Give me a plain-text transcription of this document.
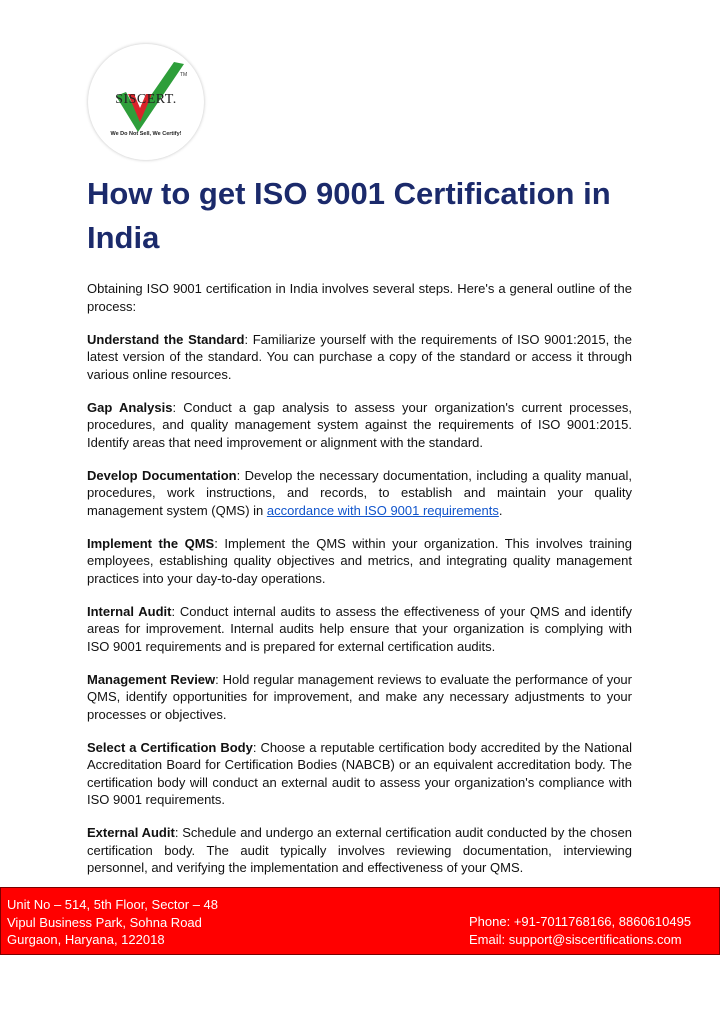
SISCERT.
TM
We Do Not Sell, We Certify!
How to get ISO 9001 Certification in India

Obtaining ISO 9001 certification in India involves several steps. Here's a general outline of the process:

Understand the Standard: Familiarize yourself with the requirements of ISO 9001:2015, the latest version of the standard. You can purchase a copy of the standard or access it through various online resources.

Gap Analysis: Conduct a gap analysis to assess your organization's current processes, procedures, and quality management system against the requirements of ISO 9001:2015. Identify areas that need improvement or alignment with the standard.

Develop Documentation: Develop the necessary documentation, including a quality manual, procedures, work instructions, and records, to establish and maintain your quality management system (QMS) in accordance with ISO 9001 requirements.

Implement the QMS: Implement the QMS within your organization. This involves training employees, establishing quality objectives and metrics, and integrating quality management practices into your day-to-day operations.

Internal Audit: Conduct internal audits to assess the effectiveness of your QMS and identify areas for improvement. Internal audits help ensure that your organization is complying with ISO 9001 requirements and is prepared for external certification audits.

Management Review: Hold regular management reviews to evaluate the performance of your QMS, identify opportunities for improvement, and make any necessary adjustments to your processes or objectives.

Select a Certification Body: Choose a reputable certification body accredited by the National Accreditation Board for Certification Bodies (NABCB) or an equivalent accreditation body. The certification body will conduct an external audit to assess your organization's compliance with ISO 9001 requirements.

External Audit: Schedule and undergo an external certification audit conducted by the chosen certification body. The audit typically involves reviewing documentation, interviewing personnel, and verifying the implementation and effectiveness of your QMS.

Unit No – 514, 5th Floor, Sector – 48
Vipul Business Park, Sohna Road
Gurgaon, Haryana, 122018
Phone: +91-7011768166, 8860610495
Email: support@siscertifications.com
